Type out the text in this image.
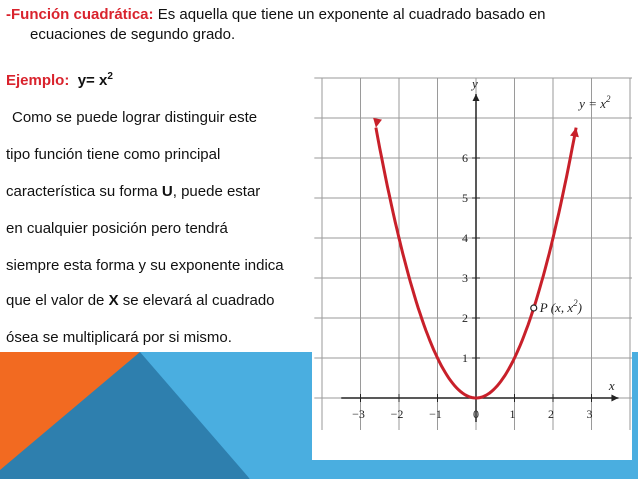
−3 −2 −1	0	1	2	3
1
2
3
4
5
6
P (x, $x^2$)
$y = x^2$
x
y
-Función cuadrática: Es aquella que tiene un exponente al cuadrado basado en
ecuaciones de segundo grado.
Ejemplo: $y= x^2$
Como se puede lograr distinguir este
tipo función tiene como principal
característica su forma U, puede estar
en cualquier posición pero tendrá
siempre esta forma y su exponente indica
que el valor de X se elevará al cuadrado
ósea se multiplicará por si mismo.
